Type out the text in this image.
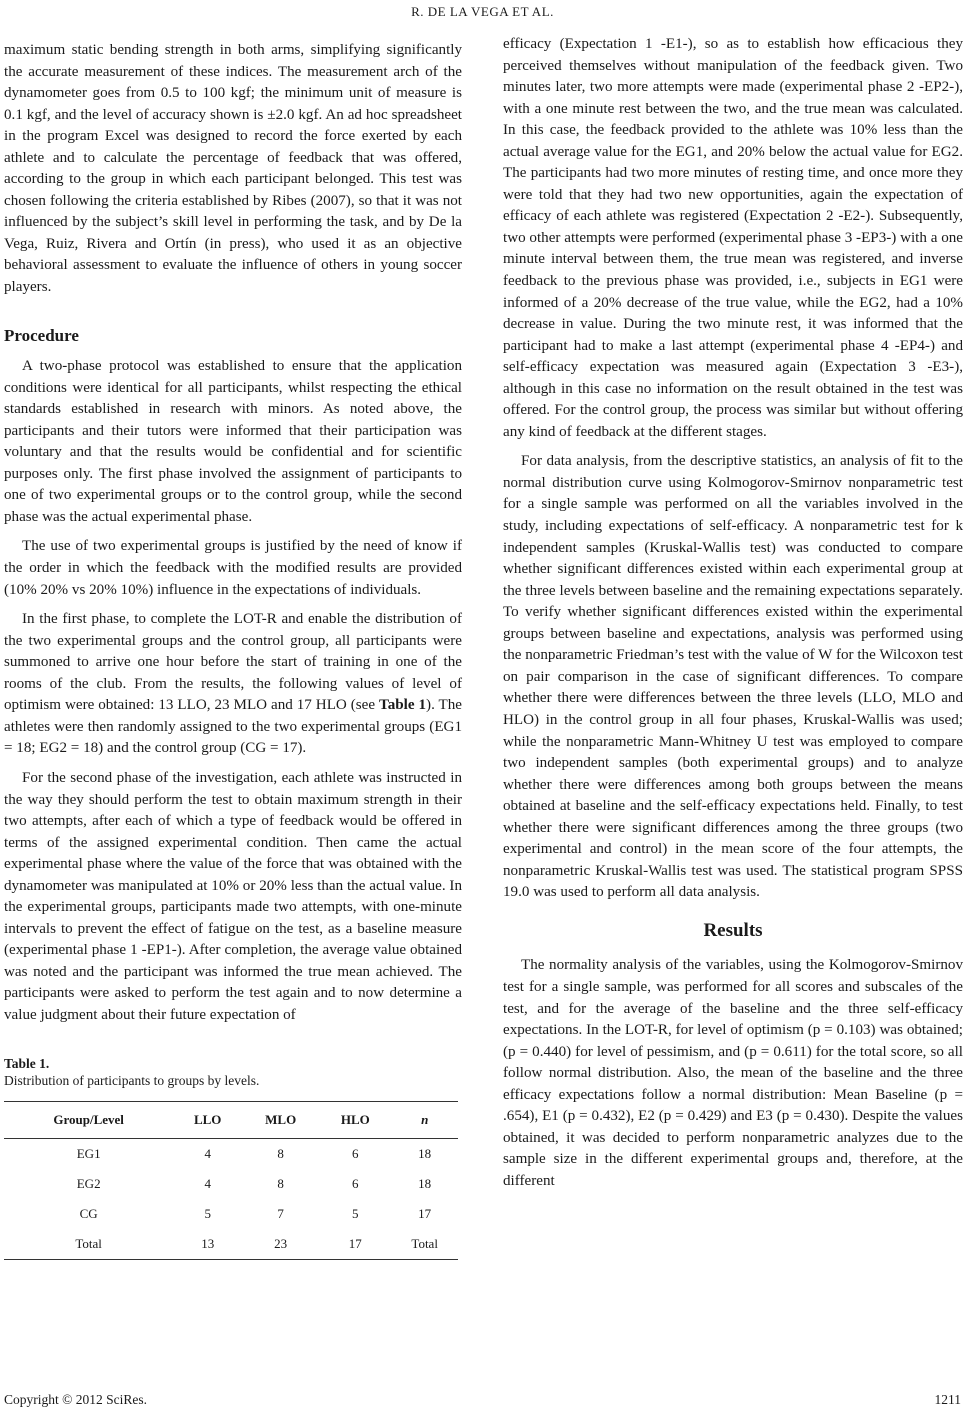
R. DE LA VEGA ET AL.

maximum static bending strength in both arms, simplifying significantly the accurate measurement of these indices. The measurement arch of the dynamometer goes from 0.5 to 100 kgf; the minimum unit of measure is 0.1 kgf, and the level of accuracy shown is ±2.0 kgf. An ad hoc spreadsheet in the program Excel was designed to record the force exerted by each athlete and to calculate the percentage of feedback that was offered, according to the group in which each participant belonged. This test was chosen following the criteria established by Ribes (2007), so that it was not influenced by the subject’s skill level in performing the task, and by De la Vega, Ruiz, Rivera and Ortín (in press), who used it as an objective behavioral assessment to evaluate the influence of others in young soccer players.

Procedure

A two-phase protocol was established to ensure that the application conditions were identical for all participants, whilst respecting the ethical standards established in research with minors. As noted above, the participants and their tutors were informed that their participation was voluntary and that the results would be confidential and for scientific purposes only. The first phase involved the assignment of participants to one of two experimental groups or to the control group, while the second phase was the actual experimental phase.

The use of two experimental groups is justified by the need of know if the order in which the feedback with the modified results are provided (10% 20% vs 20% 10%) influence in the expectations of individuals.

In the first phase, to complete the LOT-R and enable the distribution of the two experimental groups and the control group, all participants were summoned to arrive one hour before the start of training in one of the rooms of the club. From the results, the following values of level of optimism were obtained: 13 LLO, 23 MLO and 17 HLO (see Table 1). The athletes were then randomly assigned to the two experimental groups (EG1 = 18; EG2 = 18) and the control group (CG = 17).

For the second phase of the investigation, each athlete was instructed in the way they should perform the test to obtain maximum strength in their two attempts, after each of which a type of feedback would be offered in terms of the assigned experimental condition. Then came the actual experimental phase where the value of the force that was obtained with the dynamometer was manipulated at 10% or 20% less than the actual value. In the experimental groups, participants made two attempts, with one-minute intervals to prevent the effect of fatigue on the test, as a baseline measure (experimental phase 1 -EP1-). After completion, the average value obtained was noted and the participant was informed the true mean achieved. The participants were asked to perform the test again and to now determine a value judgment about their future expectation of

Table 1.
Distribution of participants to groups by levels.
Group/Level	LLO	MLO	HLO	n
EG1	4	8	6	18
EG2	4	8	6	18
CG	5	7	5	17
Total	13	23	17	Total

efficacy (Expectation 1 -E1-), so as to establish how efficacious they perceived themselves without manipulation of the feedback given. Two minutes later, two more attempts were made (experimental phase 2 -EP2-), with a one minute rest between the two, and the true mean was calculated. In this case, the feedback provided to the athlete was 10% less than the actual average value for the EG1, and 20% below the actual value for EG2. The participants had two more minutes of resting time, and once more they were told that they had two new opportunities, again the expectation of efficacy of each athlete was registered (Expectation 2 -E2-). Subsequently, two other attempts were performed (experimental phase 3 -EP3-) with a one minute interval between them, the true mean was registered, and inverse feedback to the previous phase was provided, i.e., subjects in EG1 were informed of a 20% decrease of the true value, while the EG2, had a 10% decrease in value. During the two minute rest, it was informed that the participant had to make a last attempt (experimental phase 4 -EP4-) and self-efficacy expectation was measured again (Expectation 3 -E3-), although in this case no information on the result obtained in the test was offered. For the control group, the process was similar but without offering any kind of feedback at the different stages.

For data analysis, from the descriptive statistics, an analysis of fit to the normal distribution curve using Kolmogorov-Smirnov nonparametric test for a single sample was performed on all the variables involved in the study, including expectations of self-efficacy. A nonparametric test for k independent samples (Kruskal-Wallis test) was conducted to compare whether significant differences existed within each experimental group at the three levels between baseline and the remaining expectations separately. To verify whether significant differences existed within the experimental groups between baseline and expectations, analysis was performed using the nonparametric Friedman’s test with the value of W for the Wilcoxon test on pair comparison in the case of significant differences. To compare whether there were differences between the three levels (LLO, MLO and HLO) in the control group in all four phases, Kruskal-Wallis was used; while the nonparametric Mann-Whitney U test was employed to compare two independent samples (both experimental groups) and to analyze whether there were differences among both groups between the means obtained at baseline and the self-efficacy expectations held. Finally, to test whether there were significant differences among the three groups (two experimental and control) in the mean score of the four attempts, the nonparametric Kruskal-Wallis test was used. The statistical program SPSS 19.0 was used to perform all data analysis.

Results

The normality analysis of the variables, using the Kolmogorov-Smirnov test for a single sample, was performed for all scores and subscales of the test, and for the average of the baseline and the three self-efficacy expectations. In the LOT-R, for level of optimism (p = 0.103) was obtained; (p = 0.440) for level of pessimism, and (p = 0.611) for the total score, so all follow normal distribution. Also, the mean of the baseline and the three efficacy expectations follow a normal distribution: Mean Baseline (p = .654), E1 (p = 0.432), E2 (p = 0.429) and E3 (p = 0.430). Despite the values obtained, it was decided to perform nonparametric analyzes due to the sample size in the different experimental groups and, therefore, at the different

Copyright © 2012 SciRes.	1211
